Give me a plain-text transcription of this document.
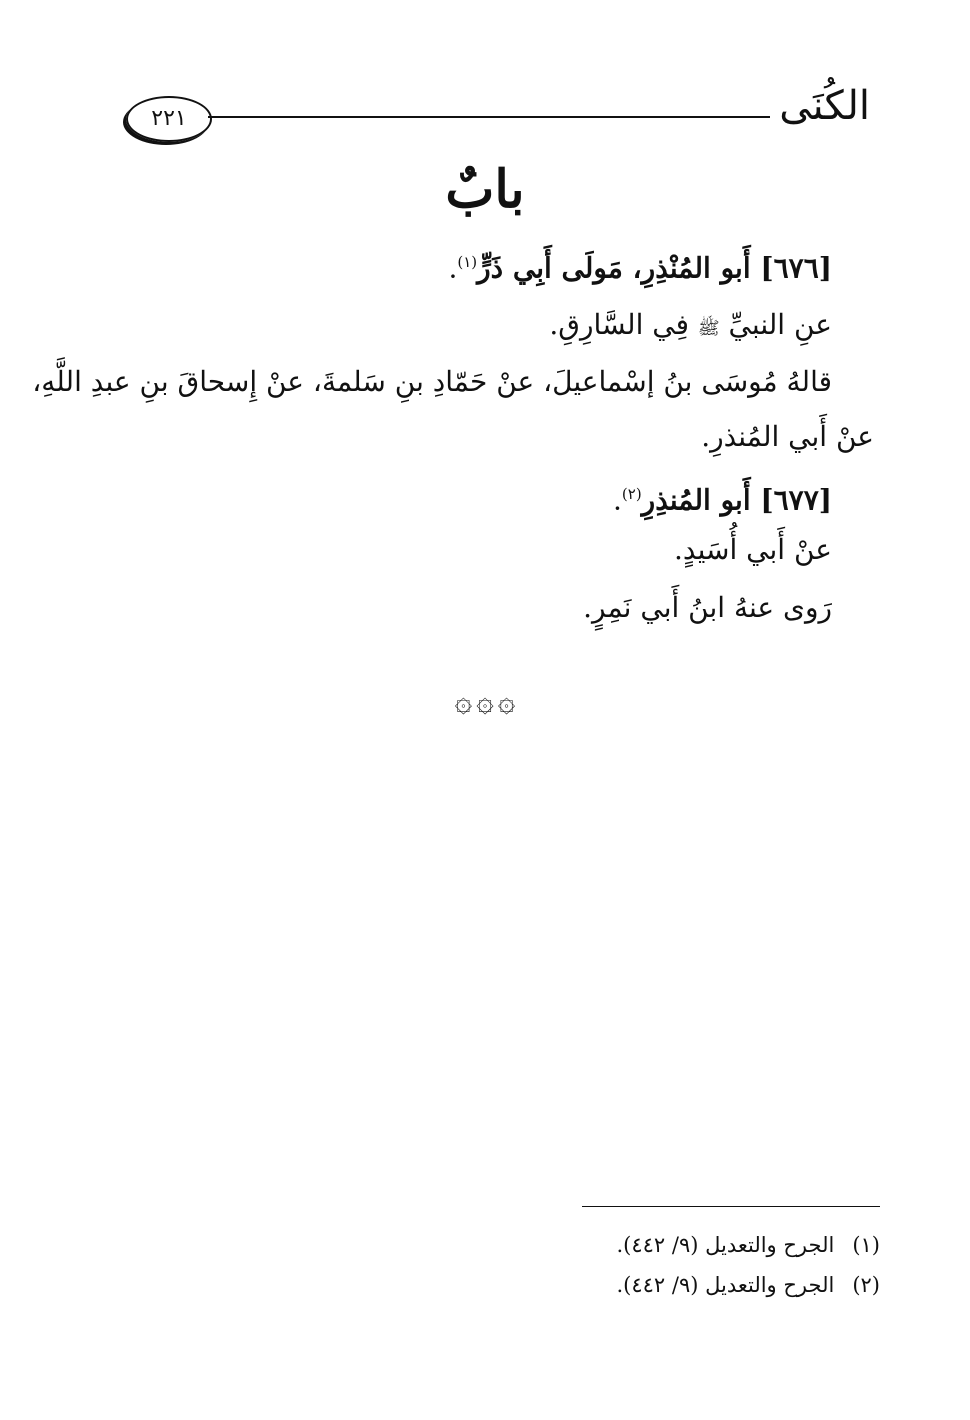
الكُنَى
٢٢١
بابٌ
[٦٧٦] أَبو المُنْذِرِ، مَولَى أَبِي ذَرٍّ$^{(١)}$.
عنِ النبيِّ ﷺ فِي السَّارِقِ.
قالهُ مُوسَى بنُ إسْماعيلَ، عنْ حَمّادِ بنِ سَلمةَ، عنْ إِسحاقَ بنِ عبدِ اللَّهِ،
عنْ أَبي المُنذرِ.
[٦٧٧] أَبو المُنذِرِ$^{(٢)}$.
عنْ أَبي أُسَيدٍ.
رَوى عنهُ ابنُ أَبي نَمِرٍ.
۞ ۞ ۞
(١)الجرح والتعديل (٩/ ٤٤٢).
(٢)الجرح والتعديل (٩/ ٤٤٢).
